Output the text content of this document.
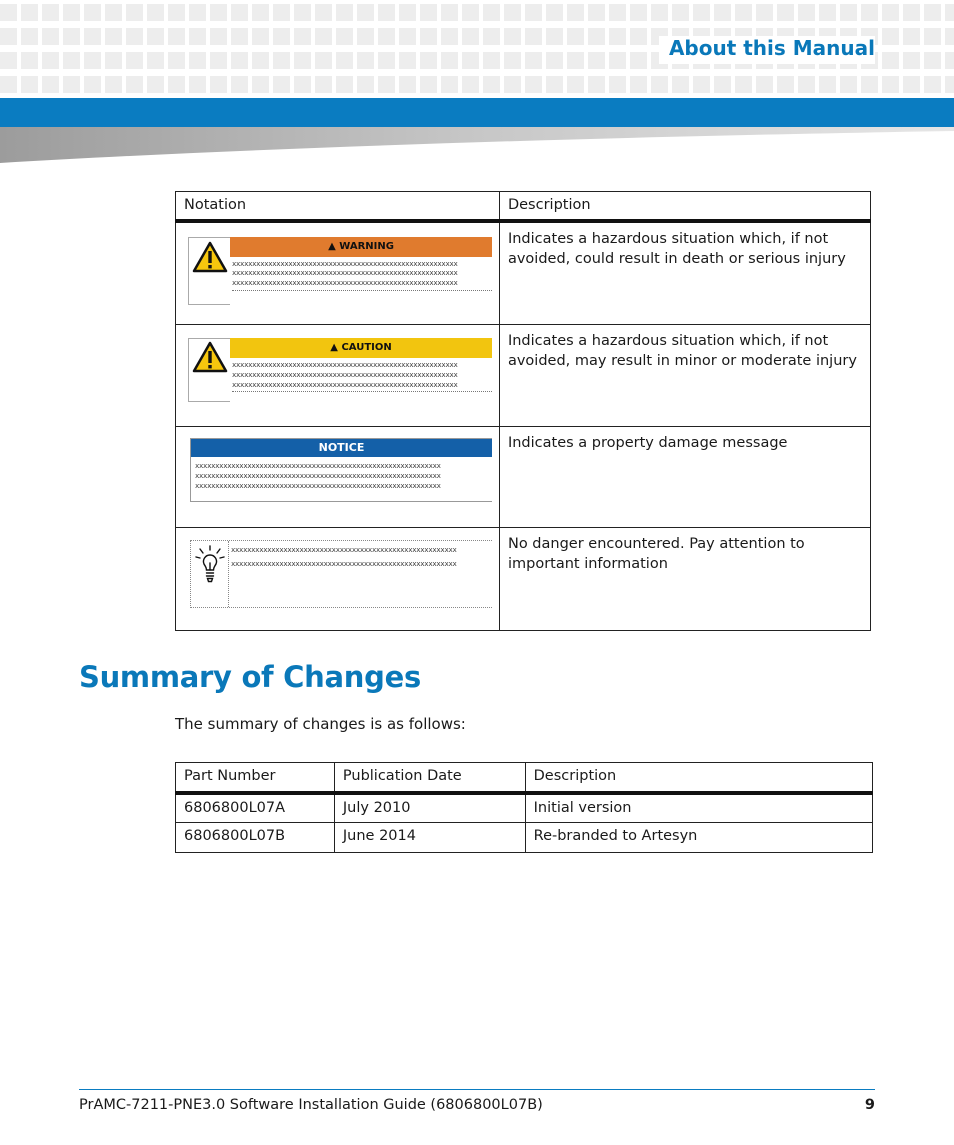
About this Manual
Notation	Description

▲ WARNING
xxxxxxxxxxxxxxxxxxxxxxxxxxxxxxxxxxxxxxxxxxxxxxxxxxxxxxxx
xxxxxxxxxxxxxxxxxxxxxxxxxxxxxxxxxxxxxxxxxxxxxxxxxxxxxxxx
xxxxxxxxxxxxxxxxxxxxxxxxxxxxxxxxxxxxxxxxxxxxxxxxxxxxxxxx	Indicates a hazardous situation which, if not avoided, could result in death or serious injury

▲ CAUTION
xxxxxxxxxxxxxxxxxxxxxxxxxxxxxxxxxxxxxxxxxxxxxxxxxxxxxxxx
xxxxxxxxxxxxxxxxxxxxxxxxxxxxxxxxxxxxxxxxxxxxxxxxxxxxxxxx
xxxxxxxxxxxxxxxxxxxxxxxxxxxxxxxxxxxxxxxxxxxxxxxxxxxxxxxx	Indicates a hazardous situation which, if not avoided, may result in minor or moderate injury

NOTICE
xxxxxxxxxxxxxxxxxxxxxxxxxxxxxxxxxxxxxxxxxxxxxxxxxxxxxxxxxxxxx
xxxxxxxxxxxxxxxxxxxxxxxxxxxxxxxxxxxxxxxxxxxxxxxxxxxxxxxxxxxxx
xxxxxxxxxxxxxxxxxxxxxxxxxxxxxxxxxxxxxxxxxxxxxxxxxxxxxxxxxxxxx	Indicates a property damage message

xxxxxxxxxxxxxxxxxxxxxxxxxxxxxxxxxxxxxxxxxxxxxxxxxxxxxxxx
xxxxxxxxxxxxxxxxxxxxxxxxxxxxxxxxxxxxxxxxxxxxxxxxxxxxxxxx	No danger encountered. Pay attention to important information
Summary of Changes
The summary of changes is as follows:
Part Number	Publication Date	Description
6806800L07A	July 2010	Initial version
6806800L07B	June 2014	Re-branded to Artesyn
PrAMC-7211-PNE3.0 Software Installation Guide (6806800L07B)	9
